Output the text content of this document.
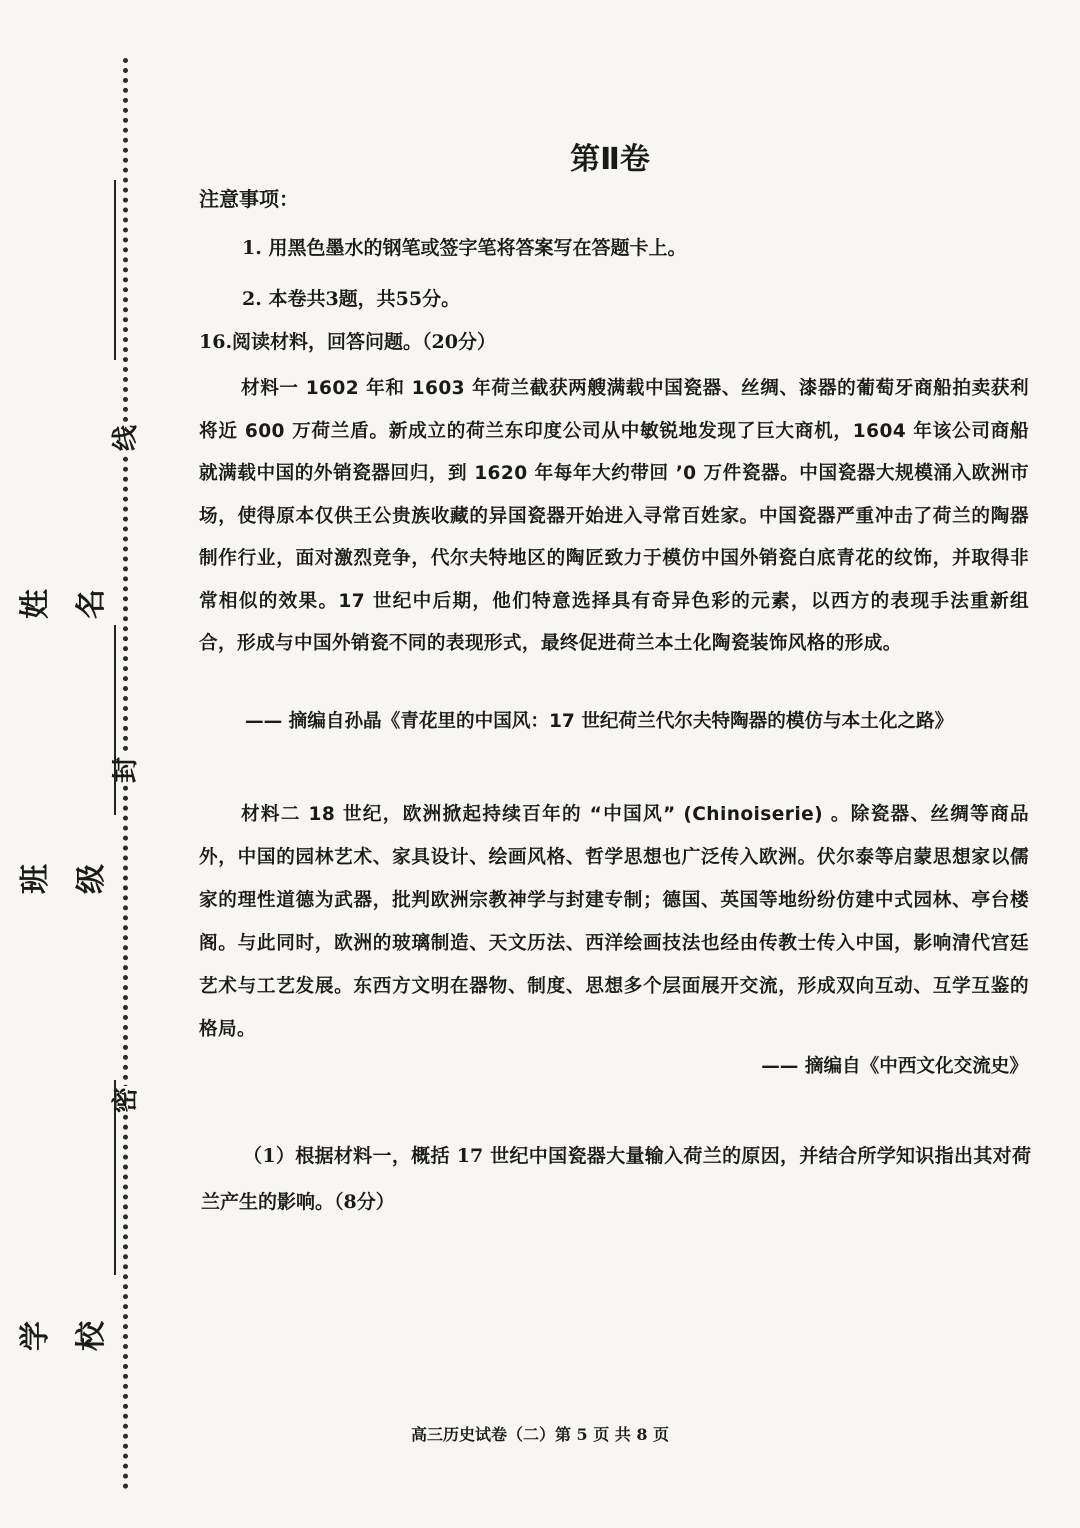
线
封
密
姓名
班级
学校
第Ⅱ卷
注意事项：
1. 用黑色墨水的钢笔或签字笔将答案写在答题卡上。
2. 本卷共3题，共55分。
16.阅读材料，回答问题。（20分）
材料一 1602 年和 1603 年荷兰截获两艘满载中国瓷器、丝绸、漆器的葡萄牙商船拍卖获利将近 600 万荷兰盾。新成立的荷兰东印度公司从中敏锐地发现了巨大商机，1604 年该公司商船就满载中国的外销瓷器回归，到 1620 年每年大约带回 ’0 万件瓷器。中国瓷器大规模涌入欧洲市场，使得原本仅供王公贵族收藏的异国瓷器开始进入寻常百姓家。中国瓷器严重冲击了荷兰的陶器制作行业，面对激烈竞争，代尔夫特地区的陶匠致力于模仿中国外销瓷白底青花的纹饰，并取得非常相似的效果。17 世纪中后期，他们特意选择具有奇异色彩的元素，以西方的表现手法重新组合，形成与中国外销瓷不同的表现形式，最终促进荷兰本土化陶瓷装饰风格的形成。
—— 摘编自孙晶《青花里的中国风：17 世纪荷兰代尔夫特陶器的模仿与本土化之路》
材料二 18 世纪，欧洲掀起持续百年的 “中国风” (Chinoiserie) 。除瓷器、丝绸等商品外，中国的园林艺术、家具设计、绘画风格、哲学思想也广泛传入欧洲。伏尔泰等启蒙思想家以儒家的理性道德为武器，批判欧洲宗教神学与封建专制；德国、英国等地纷纷仿建中式园林、亭台楼阁。与此同时，欧洲的玻璃制造、天文历法、西洋绘画技法也经由传教士传入中国，影响清代宫廷艺术与工艺发展。东西方文明在器物、制度、思想多个层面展开交流，形成双向互动、互学互鉴的格局。
—— 摘编自《中西文化交流史》
（1）根据材料一，概括 17 世纪中国瓷器大量输入荷兰的原因，并结合所学知识指出其对荷兰产生的影响。（8分）
高三历史试卷（二）第 5 页 共 8 页
